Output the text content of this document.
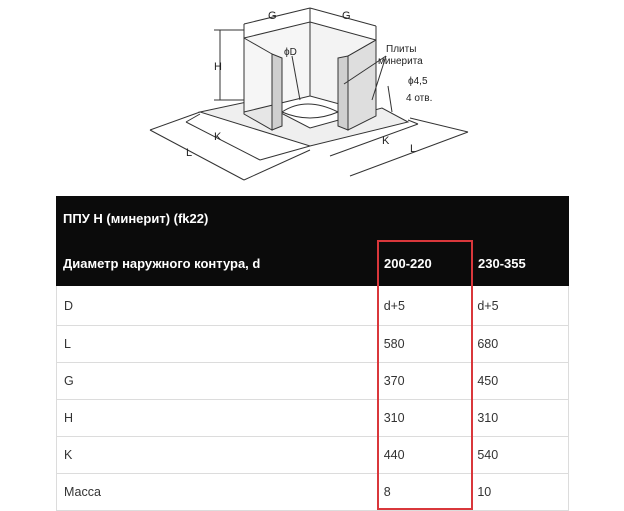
G	G
ϕD
H
Плиты
минерита
ϕ4,5
4 отв.
K
L
K
L
ППУ Н (минерит) (fk22)
Диаметр наружного контура, d	200-220	230-355
D	d+5	d+5
L	580	680
G	370	450
H	310	310
K	440	540
Масса	8	10
